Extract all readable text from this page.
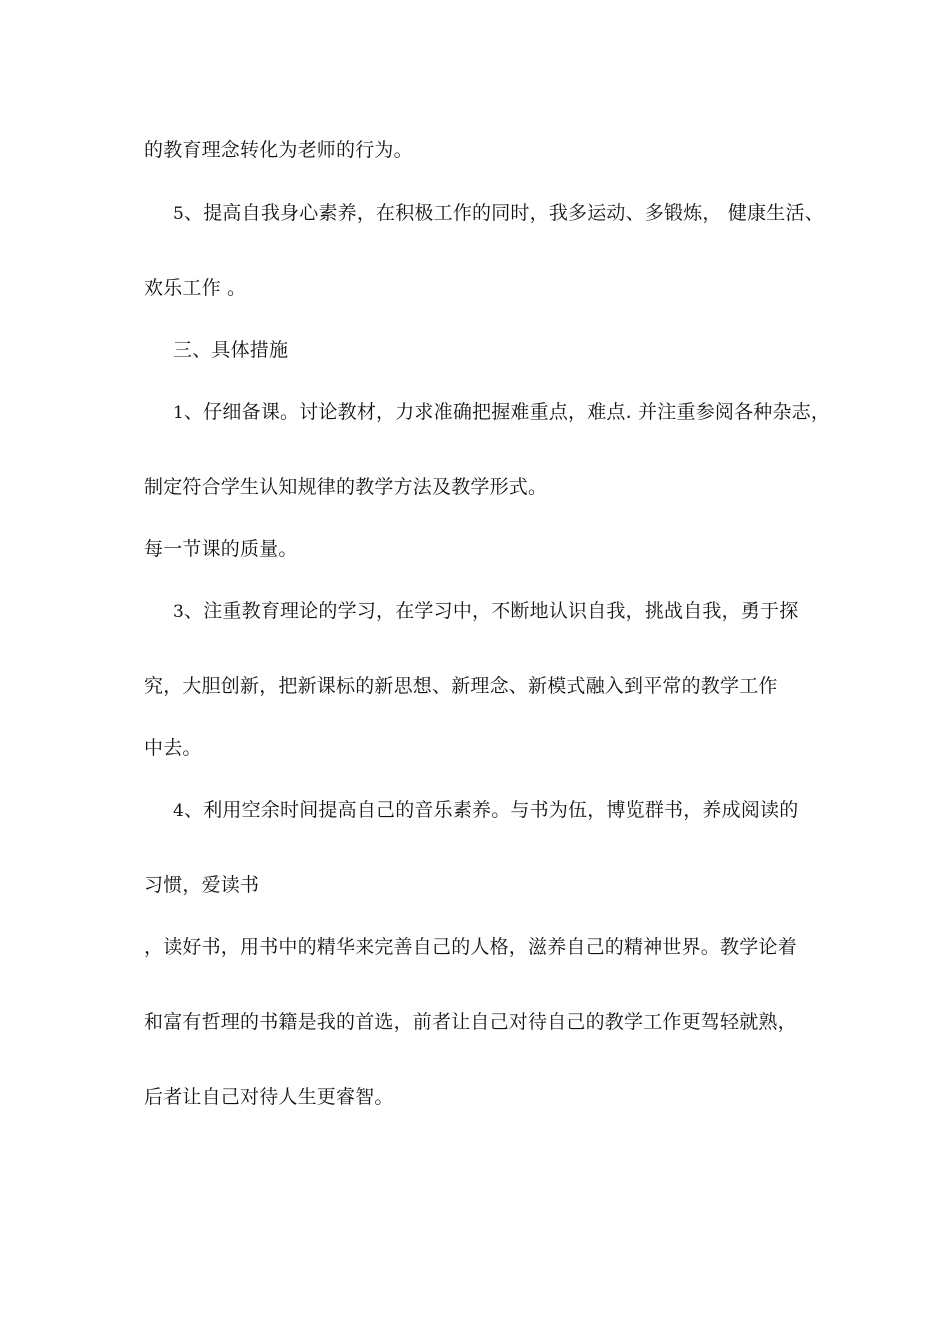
的教育理念转化为老师的行为。
5、提高自我身心素养，在积极工作的同时，我多运动、多锻炼， 健康生活、
欢乐工作 。
三、具体措施
1、仔细备课。讨论教材，力求准确把握难重点，难点. 并注重参阅各种杂志，
制定符合学生认知规律的教学方法及教学形式。
每一节课的质量。
3、注重教育理论的学习，在学习中，不断地认识自我，挑战自我，勇于探
究，大胆创新，把新课标的新思想、新理念、新模式融入到平常的教学工作
中去。
4、利用空余时间提高自己的音乐素养。与书为伍，博览群书，养成阅读的
习惯，爱读书
，读好书，用书中的精华来完善自己的人格，滋养自己的精神世界。教学论着
和富有哲理的书籍是我的首选，前者让自己对待自己的教学工作更驾轻就熟，
后者让自己对待人生更睿智。
